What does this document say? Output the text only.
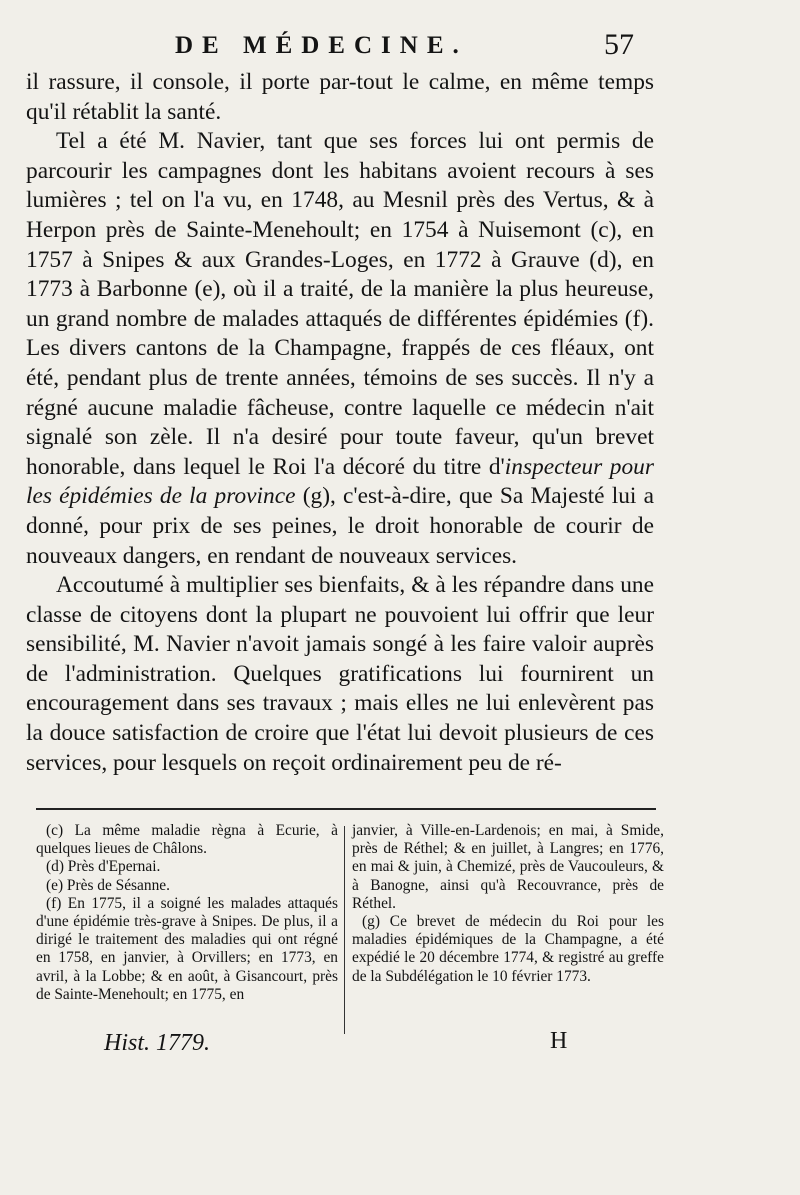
DE MÉDECINE.	57

il rassure, il console, il porte par-tout le calme, en même temps qu'il rétablit la santé.

Tel a été M. Navier, tant que ses forces lui ont permis de parcourir les campagnes dont les habitans avoient recours à ses lumières ; tel on l'a vu, en 1748, au Mesnil près des Vertus, & à Herpon près de Sainte-Menehoult; en 1754 à Nuisemont (c), en 1757 à Snipes & aux Grandes-Loges, en 1772 à Grauve (d), en 1773 à Barbonne (e), où il a traité, de la manière la plus heureuse, un grand nombre de malades attaqués de différentes épidémies (f). Les divers cantons de la Champagne, frappés de ces fléaux, ont été, pendant plus de trente années, témoins de ses succès. Il n'y a régné aucune maladie fâcheuse, contre laquelle ce médecin n'ait signalé son zèle. Il n'a desiré pour toute faveur, qu'un brevet honorable, dans lequel le Roi l'a décoré du titre d'inspecteur pour les épidémies de la province (g), c'est-à-dire, que Sa Majesté lui a donné, pour prix de ses peines, le droit honorable de courir de nouveaux dangers, en rendant de nouveaux services.

Accoutumé à multiplier ses bienfaits, & à les répandre dans une classe de citoyens dont la plupart ne pouvoient lui offrir que leur sensibilité, M. Navier n'avoit jamais songé à les faire valoir auprès de l'administration. Quelques gratifications lui fournirent un encouragement dans ses travaux ; mais elles ne lui enlevèrent pas la douce satisfaction de croire que l'état lui devoit plusieurs de ces services, pour lesquels on reçoit ordinairement peu de ré-

(c) La même maladie règna à Ecurie, à quelques lieues de Châlons.
(d) Près d'Epernai.
(e) Près de Sésanne.
(f) En 1775, il a soigné les malades attaqués d'une épidémie très-grave à Snipes. De plus, il a dirigé le traitement des maladies qui ont régné en 1758, en janvier, à Orvillers; en 1773, en avril, à la Lobbe; & en août, à Gisancourt, près de Sainte-Menehoult; en 1775, en
janvier, à Ville-en-Lardenois; en mai, à Smide, près de Réthel; & en juillet, à Langres; en 1776, en mai & juin, à Chemizé, près de Vaucouleurs, & à Banogne, ainsi qu'à Recouvrance, près de Réthel.
(g) Ce brevet de médecin du Roi pour les maladies épidémiques de la Champagne, a été expédié le 20 décembre 1774, & registré au greffe de la Subdélégation le 10 février 1773.
Hist. 1779.	H
